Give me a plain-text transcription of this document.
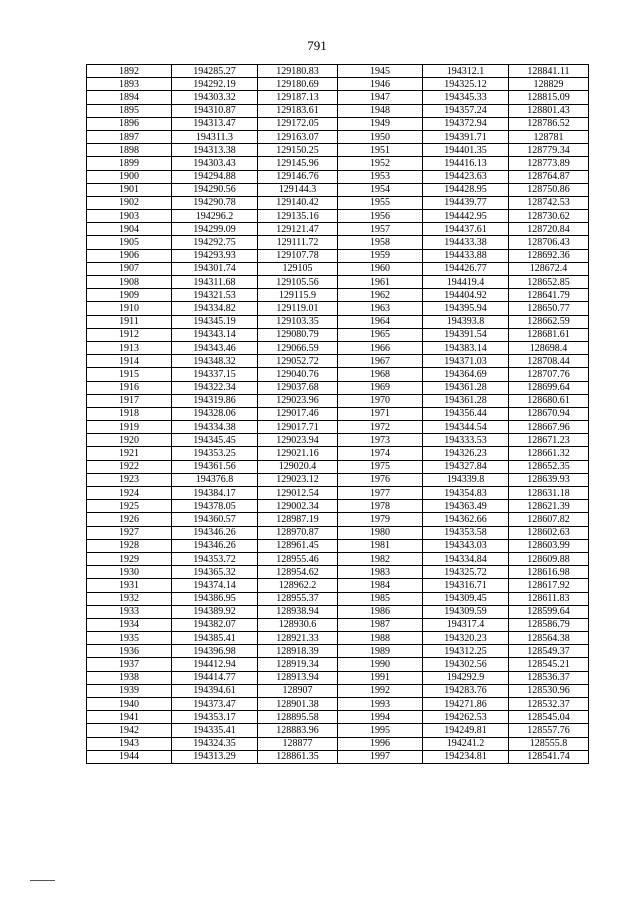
791
1892	194285.27	129180.83	1945	194312.1	128841.11
1893	194292.19	129180.69	1946	194325.12	128829
1894	194303.32	129187.13	1947	194345.33	128815.09
1895	194310.87	129183.61	1948	194357.24	128801.43
1896	194313.47	129172.05	1949	194372.94	128786.52
1897	194311.3	129163.07	1950	194391.71	128781
1898	194313.38	129150.25	1951	194401.35	128779.34
1899	194303.43	129145.96	1952	194416.13	128773.89
1900	194294.88	129146.76	1953	194423.63	128764.87
1901	194290.56	129144.3	1954	194428.95	128750.86
1902	194290.78	129140.42	1955	194439.77	128742.53
1903	194296.2	129135.16	1956	194442.95	128730.62
1904	194299.09	129121.47	1957	194437.61	128720.84
1905	194292.75	129111.72	1958	194433.38	128706.43
1906	194293.93	129107.78	1959	194433.88	128692.36
1907	194301.74	129105	1960	194426.77	128672.4
1908	194311.68	129105.56	1961	194419.4	128652.85
1909	194321.53	129115.9	1962	194404.92	128641.79
1910	194334.82	129119.01	1963	194395.94	128650.77
1911	194345.19	129103.35	1964	194393.8	128662.59
1912	194343.14	129080.79	1965	194391.54	128681.61
1913	194343.46	129066.59	1966	194383.14	128698.4
1914	194348.32	129052.72	1967	194371.03	128708.44
1915	194337.15	129040.76	1968	194364.69	128707.76
1916	194322.34	129037.68	1969	194361.28	128699.64
1917	194319.86	129023.96	1970	194361.28	128680.61
1918	194328.06	129017.46	1971	194356.44	128670.94
1919	194334.38	129017.71	1972	194344.54	128667.96
1920	194345.45	129023.94	1973	194333.53	128671.23
1921	194353.25	129021.16	1974	194326.23	128661.32
1922	194361.56	129020.4	1975	194327.84	128652.35
1923	194376.8	129023.12	1976	194339.8	128639.93
1924	194384.17	129012.54	1977	194354.83	128631.18
1925	194378.05	129002.34	1978	194363.49	128621.39
1926	194360.57	128987.19	1979	194362.66	128607.82
1927	194346.26	128970.87	1980	194353.58	128602.63
1928	194346.26	128961.45	1981	194343.03	128603.99
1929	194353.72	128955.46	1982	194334.84	128609.88
1930	194365.32	128954.62	1983	194325.72	128616.98
1931	194374.14	128962.2	1984	194316.71	128617.92
1932	194386.95	128955.37	1985	194309.45	128611.83
1933	194389.92	128938.94	1986	194309.59	128599.64
1934	194382.07	128930.6	1987	194317.4	128586.79
1935	194385.41	128921.33	1988	194320.23	128564.38
1936	194396.98	128918.39	1989	194312.25	128549.37
1937	194412.94	128919.34	1990	194302.56	128545.21
1938	194414.77	128913.94	1991	194292.9	128536.37
1939	194394.61	128907	1992	194283.76	128530.96
1940	194373.47	128901.38	1993	194271.86	128532.37
1941	194353.17	128895.58	1994	194262.53	128545.04
1942	194335.41	128883.96	1995	194249.81	128557.76
1943	194324.35	128877	1996	194241.2	128555.8
1944	194313.29	128861.35	1997	194234.81	128541.74
